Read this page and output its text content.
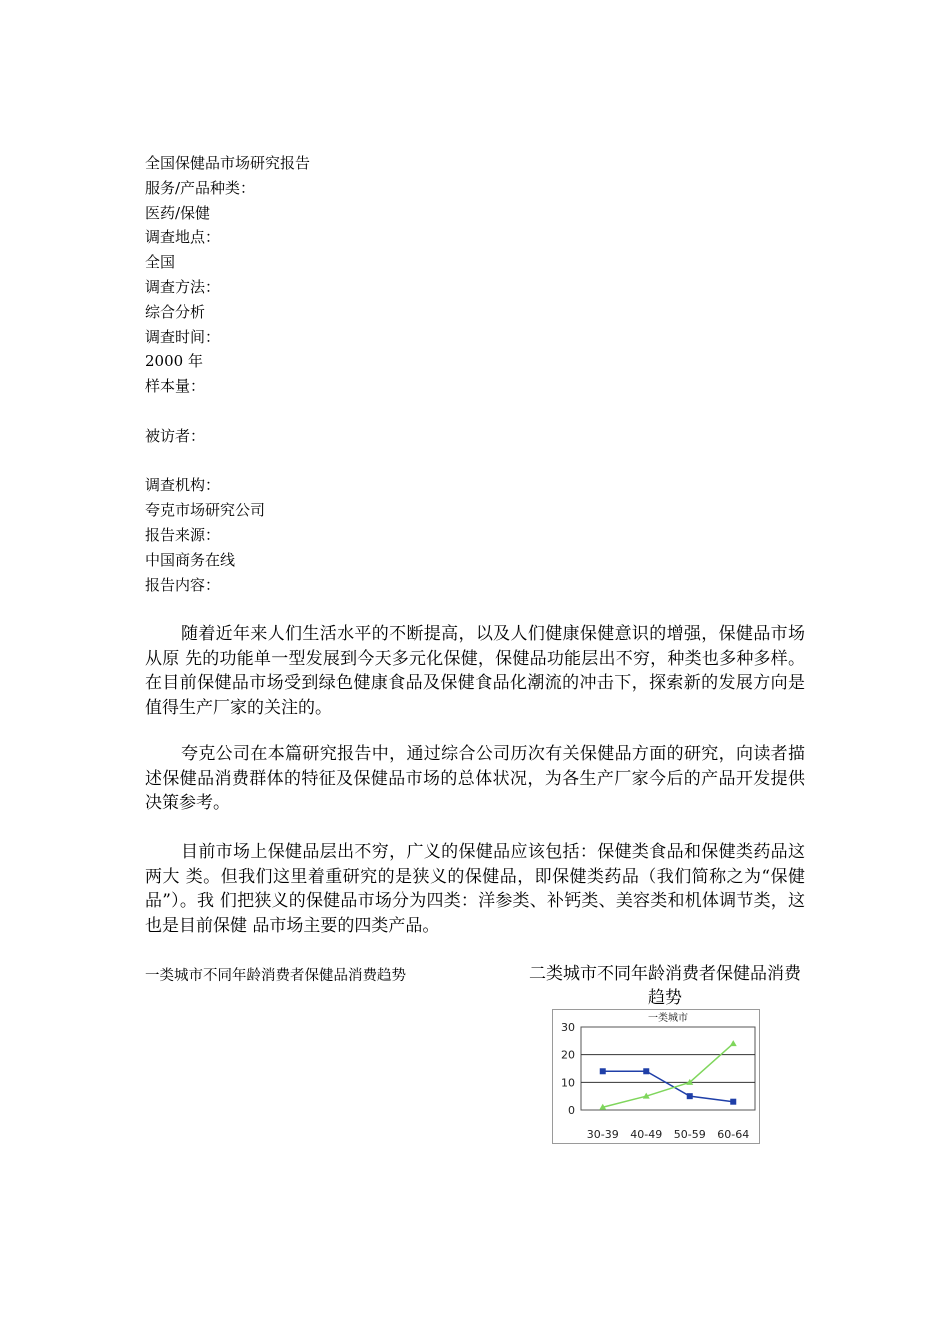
全国保健品市场研究报告
服务/产品种类：
医药/保健
调查地点：
全国
调查方法：
综合分析
调查时间：
2000 年
样本量：
被访者：
调查机构：
夸克市场研究公司
报告来源：
中国商务在线
报告内容：

随着近年来人们生活水平的不断提高，以及人们健康保健意识的增强，保健品市场从原 先的功能单一型发展到今天多元化保健，保健品功能层出不穷，种类也多种多样。在目前保健品市场受到绿色健康食品及保健食品化潮流的冲击下，探索新的发展方向是值得生产厂家的关注的。

夸克公司在本篇研究报告中，通过综合公司历次有关保健品方面的研究，向读者描述保健品消费群体的特征及保健品市场的总体状况，为各生产厂家今后的产品开发提供决策参考。

目前市场上保健品层出不穷，广义的保健品应该包括：保健类食品和保健类药品这两大 类。但我们这里着重研究的是狭义的保健品，即保健类药品（我们简称之为“保健品”）。我 们把狭义的保健品市场分为四类：洋参类、补钙类、美容类和机体调节类，这也是目前保健 品市场主要的四类产品。

一类城市不同年龄消费者保健品消费趋势	二类城市不同年龄消费者保健品消费趋势
0
10
20
30
30-39 40-49 50-59 60-64
一类城市
